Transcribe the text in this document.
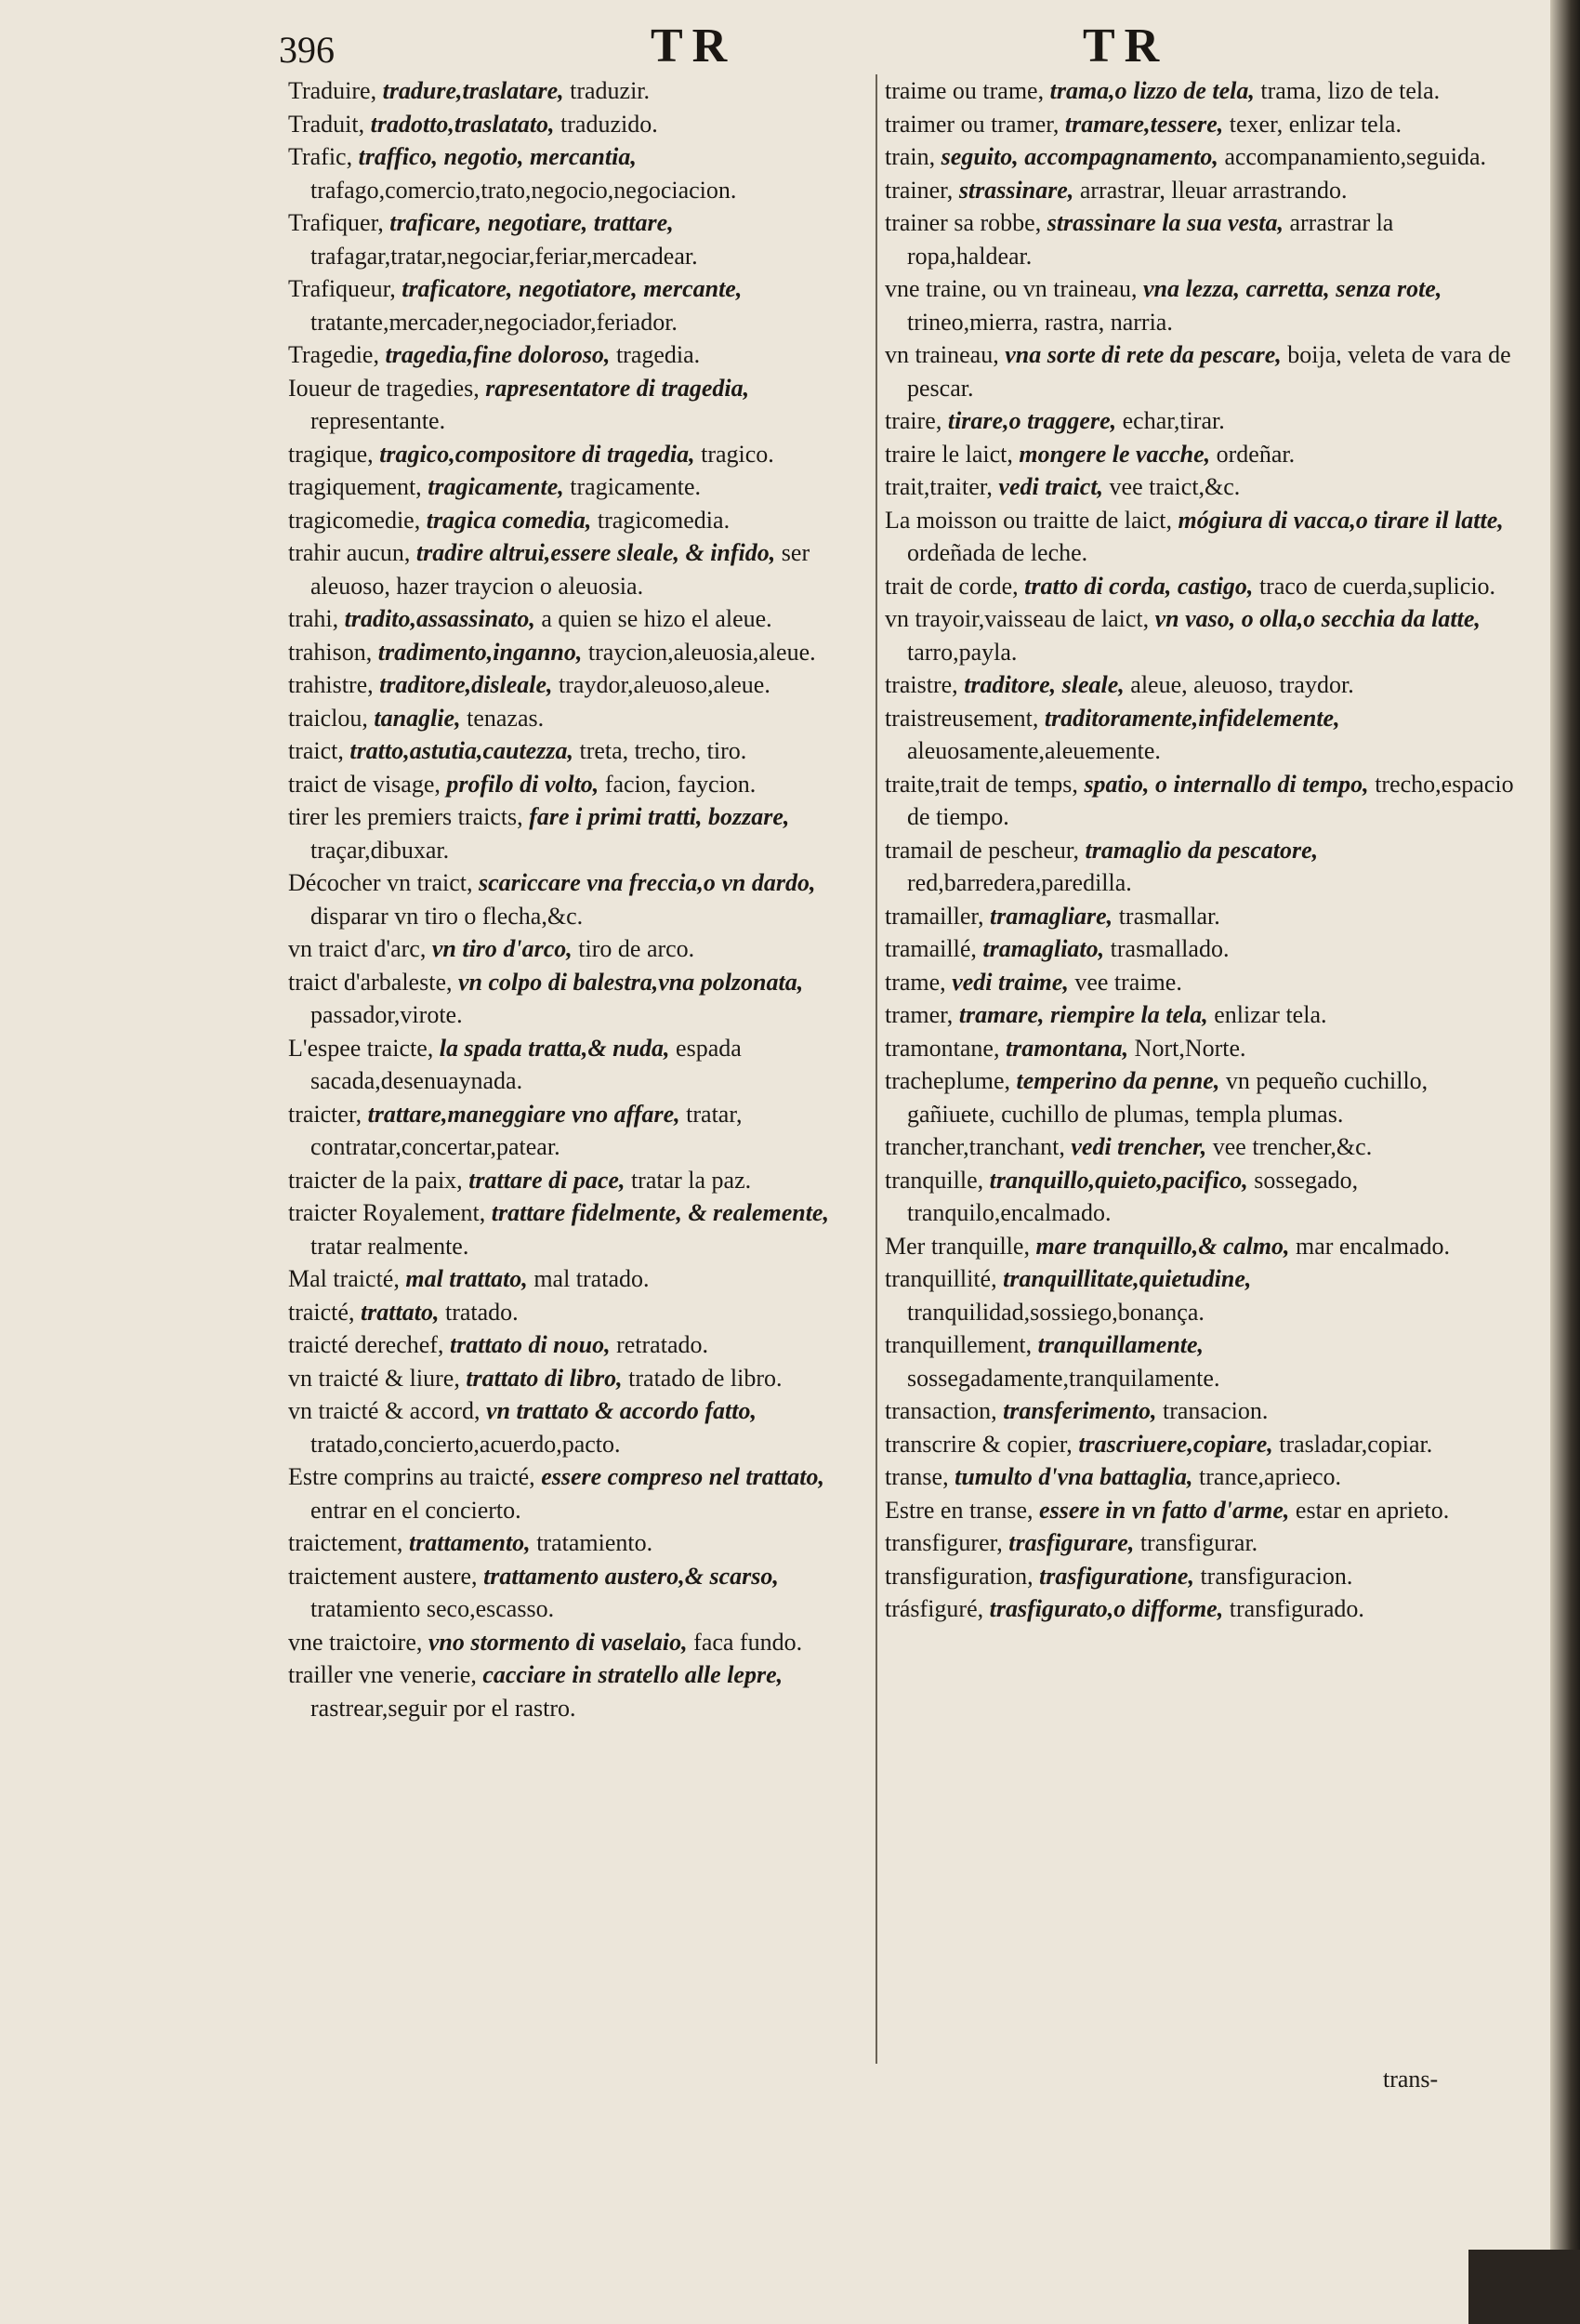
396	TR	TR

Traduire, tradure,traslatare, traduzir.

Traduit, tradotto,traslatato, traduzido.

Trafic, traffico, negotio, mercantia, trafago,comercio,trato,negocio,negociacion.

Trafiquer, traficare, negotiare, trattare, trafagar,tratar,negociar,feriar,mercadear.

Trafiqueur, traficatore, negotiatore, mercante, tratante,mercader,negociador,feriador.

Tragedie, tragedia,fine doloroso, tragedia.

Ioueur de tragedies, rapresentatore di tragedia, representante.

tragique, tragico,compositore di tragedia, tragico.

tragiquement, tragicamente, tragicamente.

tragicomedie, tragica comedia, tragicomedia.

trahir aucun, tradire altrui,essere sleale, & infido, ser aleuoso, hazer traycion o aleuosia.

trahi, tradito,assassinato, a quien se hizo el aleue.

trahison, tradimento,inganno, traycion,aleuosia,aleue.

trahistre, traditore,disleale, traydor,aleuoso,aleue.

traiclou, tanaglie, tenazas.

traict, tratto,astutia,cautezza, treta, trecho, tiro.

traict de visage, profilo di volto, facion, faycion.

tirer les premiers traicts, fare i primi tratti, bozzare, traçar,dibuxar.

Décocher vn traict, scariccare vna freccia,o vn dardo, disparar vn tiro o flecha,&c.

vn traict d'arc, vn tiro d'arco, tiro de arco.

traict d'arbaleste, vn colpo di balestra,vna polzonata, passador,virote.

L'espee traicte, la spada tratta,& nuda, espada sacada,desenuaynada.

traicter, trattare,maneggiare vno affare, tratar, contratar,concertar,patear.

traicter de la paix, trattare di pace, tratar la paz.

traicter Royalement, trattare fidelmente, & realemente, tratar realmente.

Mal traicté, mal trattato, mal tratado.

traicté, trattato, tratado.

traicté derechef, trattato di nouo, retratado.

vn traicté & liure, trattato di libro, tratado de libro.

vn traicté & accord, vn trattato & accordo fatto, tratado,concierto,acuerdo,pacto.

Estre comprins au traicté, essere compreso nel trattato, entrar en el concierto.

traictement, trattamento, tratamiento.

traictement austere, trattamento austero,& scarso, tratamiento seco,escasso.

vne traictoire, vno stormento di vaselaio, faca fundo.

trailler vne venerie, cacciare in stratello alle lepre, rastrear,seguir por el rastro.

traime ou trame, trama,o lizzo de tela, trama, lizo de tela.

traimer ou tramer, tramare,tessere, texer, enlizar tela.

train, seguito, accompagnamento, accompanamiento,seguida.

trainer, strassinare, arrastrar, lleuar arrastrando.

trainer sa robbe, strassinare la sua vesta, arrastrar la ropa,haldear.

vne traine, ou vn traineau, vna lezza, carretta, senza rote, trineo,mierra, rastra, narria.

vn traineau, vna sorte di rete da pescare, boija, veleta de vara de pescar.

traire, tirare,o traggere, echar,tirar.

traire le laict, mongere le vacche, ordeñar.

trait,traiter, vedi traict, vee traict,&c.

La moisson ou traitte de laict, mógiura di vacca,o tirare il latte, ordeñada de leche.

trait de corde, tratto di corda, castigo, traco de cuerda,suplicio.

vn trayoir,vaisseau de laict, vn vaso, o olla,o secchia da latte, tarro,payla.

traistre, traditore, sleale, aleue, aleuoso, traydor.

traistreusement, traditoramente,infidelemente, aleuosamente,aleuemente.

traite,trait de temps, spatio, o internallo di tempo, trecho,espacio de tiempo.

tramail de pescheur, tramaglio da pescatore, red,barredera,paredilla.

tramailler, tramagliare, trasmallar.

tramaillé, tramagliato, trasmallado.

trame, vedi traime, vee traime.

tramer, tramare, riempire la tela, enlizar tela.

tramontane, tramontana, Nort,Norte.

tracheplume, temperino da penne, vn pequeño cuchillo, gañiuete, cuchillo de plumas, templa plumas.

trancher,tranchant, vedi trencher, vee trencher,&c.

tranquille, tranquillo,quieto,pacifico, sossegado, tranquilo,encalmado.

Mer tranquille, mare tranquillo,& calmo, mar encalmado.

tranquillité, tranquillitate,quietudine, tranquilidad,sossiego,bonança.

tranquillement, tranquillamente, sossegadamente,tranquilamente.

transaction, transferimento, transacion.

transcrire & copier, trascriuere,copiare, trasladar,copiar.

transe, tumulto d'vna battaglia, trance,aprieco.

Estre en transe, essere in vn fatto d'arme, estar en aprieto.

transfigurer, trasfigurare, transfigurar.

transfiguration, trasfiguratione, transfiguracion.

trásfiguré, trasfigurato,o difforme, transfigurado.

trans-
